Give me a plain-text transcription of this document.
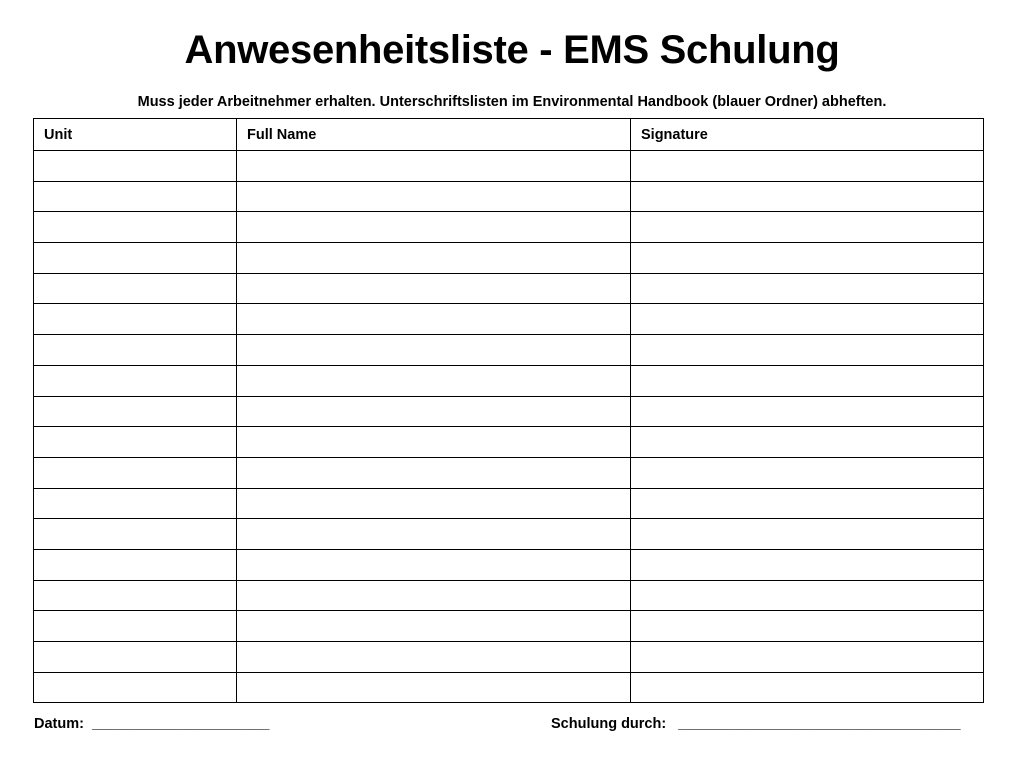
Anwesenheitsliste - EMS Schulung
Muss jeder Arbeitnehmer erhalten. Unterschriftslisten im Environmental Handbook (blauer Ordner) abheften.
Unit	Full Name	Signature

Datum: ______________________	Schulung durch: ___________________________________
